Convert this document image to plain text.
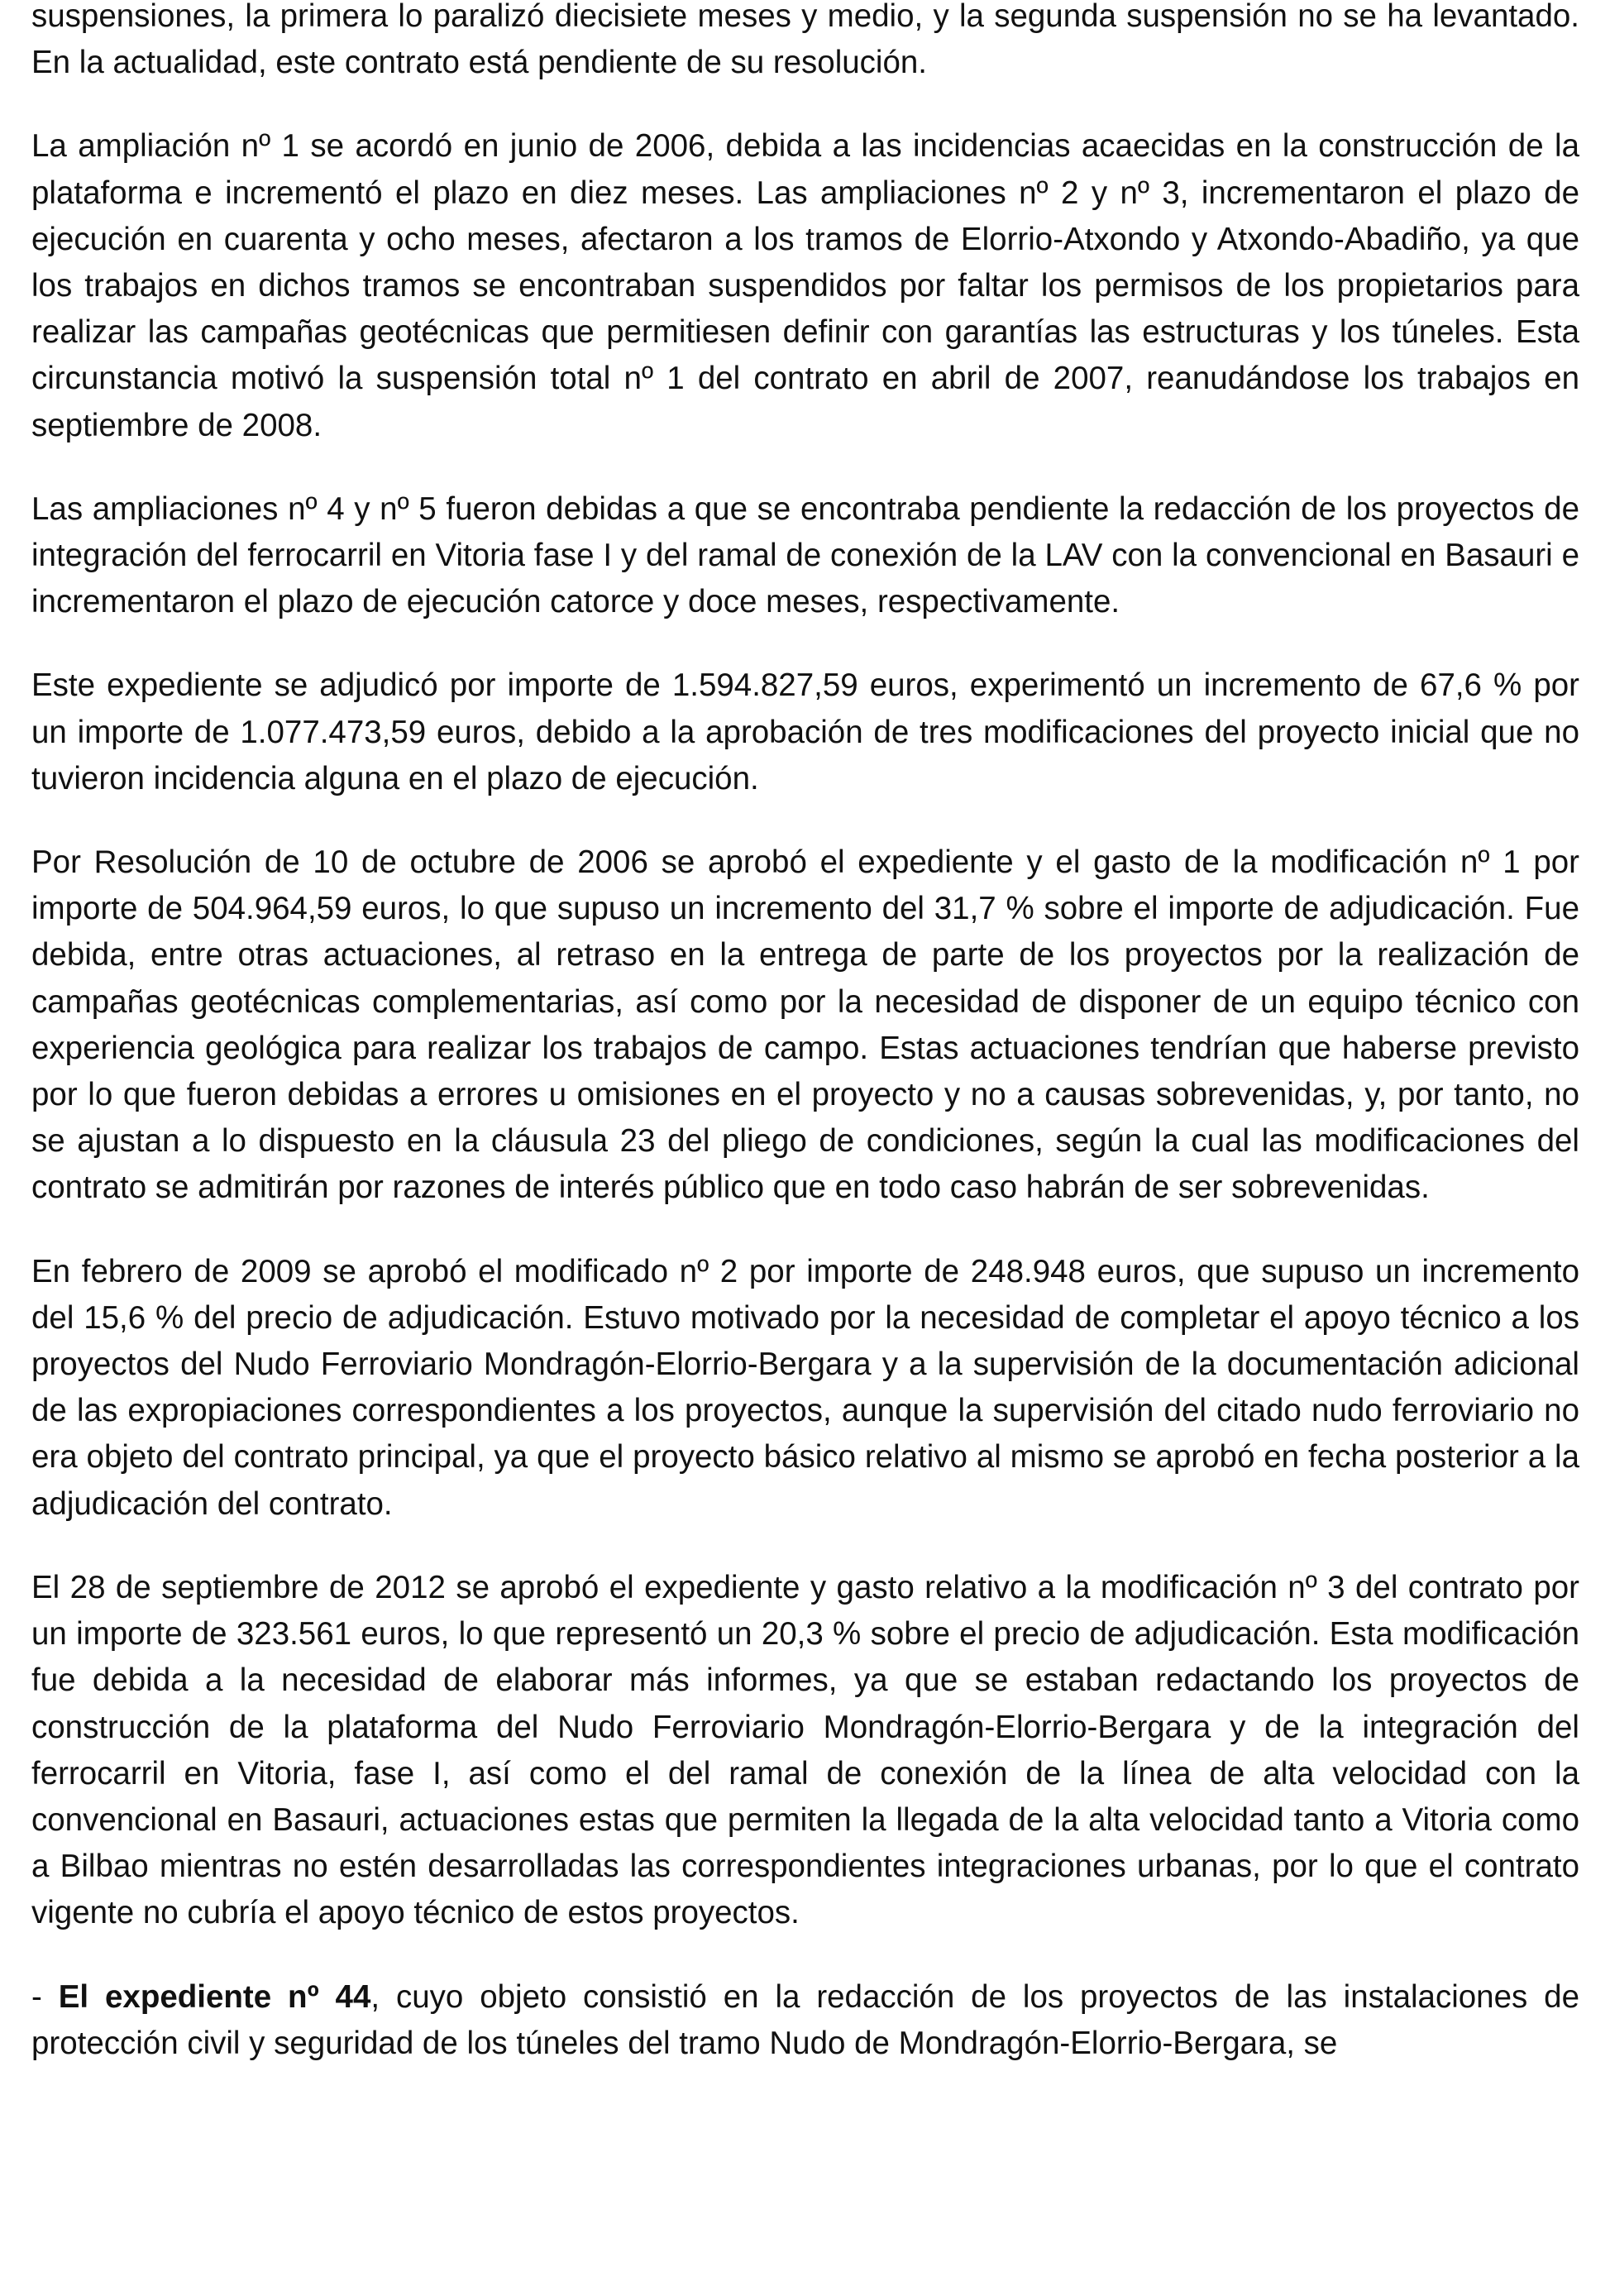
suspensiones, la primera lo paralizó diecisiete meses y medio, y la segunda suspensión no se ha levantado. En la actualidad, este contrato está pendiente de su resolución.

La ampliación nº 1 se acordó en junio de 2006, debida a las incidencias acaecidas en la construcción de la plataforma e incrementó el plazo en diez meses. Las ampliaciones nº 2 y nº 3, incrementaron el plazo de ejecución en cuarenta y ocho meses, afectaron a los tramos de Elorrio-Atxondo y Atxondo-Abadiño, ya que los trabajos en dichos tramos se encontraban suspendidos por faltar los permisos de los propietarios para realizar las campañas geotécnicas que permitiesen definir con garantías las estructuras y los túneles. Esta circunstancia motivó la suspensión total nº 1 del contrato en abril de 2007, reanudándose los trabajos en septiembre de 2008.

Las ampliaciones nº 4 y nº 5 fueron debidas a que se encontraba pendiente la redacción de los proyectos de integración del ferrocarril en Vitoria fase I y del ramal de conexión de la LAV con la convencional en Basauri e incrementaron el plazo de ejecución catorce y doce meses, respectivamente.

Este expediente se adjudicó por importe de 1.594.827,59 euros, experimentó un incremento de 67,6 % por un importe de 1.077.473,59 euros, debido a la aprobación de tres modificaciones del proyecto inicial que no tuvieron incidencia alguna en el plazo de ejecución.

Por Resolución de 10 de octubre de 2006 se aprobó el expediente y el gasto de la modificación nº 1 por importe de 504.964,59 euros, lo que supuso un incremento del 31,7 % sobre el importe de adjudicación. Fue debida, entre otras actuaciones, al retraso en la entrega de parte de los proyectos por la realización de campañas geotécnicas complementarias, así como por la necesidad de disponer de un equipo técnico con experiencia geológica para realizar los trabajos de campo. Estas actuaciones tendrían que haberse previsto por lo que fueron debidas a errores u omisiones en el proyecto y no a causas sobrevenidas, y, por tanto, no se ajustan a lo dispuesto en la cláusula 23 del pliego de condiciones, según la cual las modificaciones del contrato se admitirán por razones de interés público que en todo caso habrán de ser sobrevenidas.

En febrero de 2009 se aprobó el modificado nº 2 por importe de 248.948 euros, que supuso un incremento del 15,6 % del precio de adjudicación. Estuvo motivado por la necesidad de completar el apoyo técnico a los proyectos del Nudo Ferroviario Mondragón-Elorrio-Bergara y a la supervisión de la documentación adicional de las expropiaciones correspondientes a los proyectos, aunque la supervisión del citado nudo ferroviario no era objeto del contrato principal, ya que el proyecto básico relativo al mismo se aprobó en fecha posterior a la adjudicación del contrato.

El 28 de septiembre de 2012 se aprobó el expediente y gasto relativo a la modificación nº 3 del contrato por un importe de 323.561 euros, lo que representó un 20,3 % sobre el precio de adjudicación. Esta modificación fue debida a la necesidad de elaborar más informes, ya que se estaban redactando los proyectos de construcción de la plataforma del Nudo Ferroviario Mondragón-Elorrio-Bergara y de la integración del ferrocarril en Vitoria, fase I, así como el del ramal de conexión de la línea de alta velocidad con la convencional en Basauri, actuaciones estas que permiten la llegada de la alta velocidad tanto a Vitoria como a Bilbao mientras no estén desarrolladas las correspondientes integraciones urbanas, por lo que el contrato vigente no cubría el apoyo técnico de estos proyectos.

- El expediente nº 44, cuyo objeto consistió en la redacción de los proyectos de las instalaciones de protección civil y seguridad de los túneles del tramo Nudo de Mondragón-Elorrio-Bergara, se
